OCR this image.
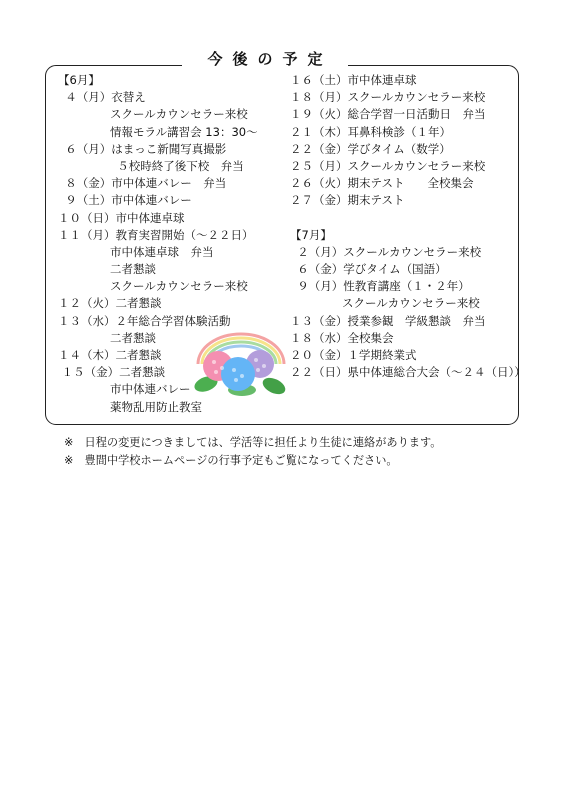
今後の予定
【6月】
４（月）衣替え
スクールカウンセラー来校
情報モラル講習会 13：30～
６（月）はまっこ新聞写真撮影
５校時終了後下校　弁当
８（金）市中体連バレー　弁当
９（土）市中体連バレー
１０（日）市中体連卓球
１１（月）教育実習開始（～２２日）
市中体連卓球　弁当
二者懇談
スクールカウンセラー来校
１２（火）二者懇談
１３（水）２年総合学習体験活動
二者懇談
１４（木）二者懇談
１５（金）二者懇談
市中体連バレー
薬物乱用防止教室
１６（土）市中体連卓球
１８（月）スクールカウンセラー来校
１９（火）総合学習一日活動日　弁当
２１（木）耳鼻科検診（１年）
２２（金）学びタイム（数学）
２５（月）スクールカウンセラー来校
２６（火）期末テスト　　全校集会
２７（金）期末テスト
【7月】
２（月）スクールカウンセラー来校
６（金）学びタイム（国語）
９（月）性教育講座（１・２年）
スクールカウンセラー来校
１３（金）授業参観　学級懇談　弁当
１８（水）全校集会
２０（金）１学期終業式
２２（日）県中体連総合大会（～２４（日））
※　日程の変更につきましては、学活等に担任より生徒に連絡があります。
※　豊間中学校ホームページの行事予定もご覧になってください。
